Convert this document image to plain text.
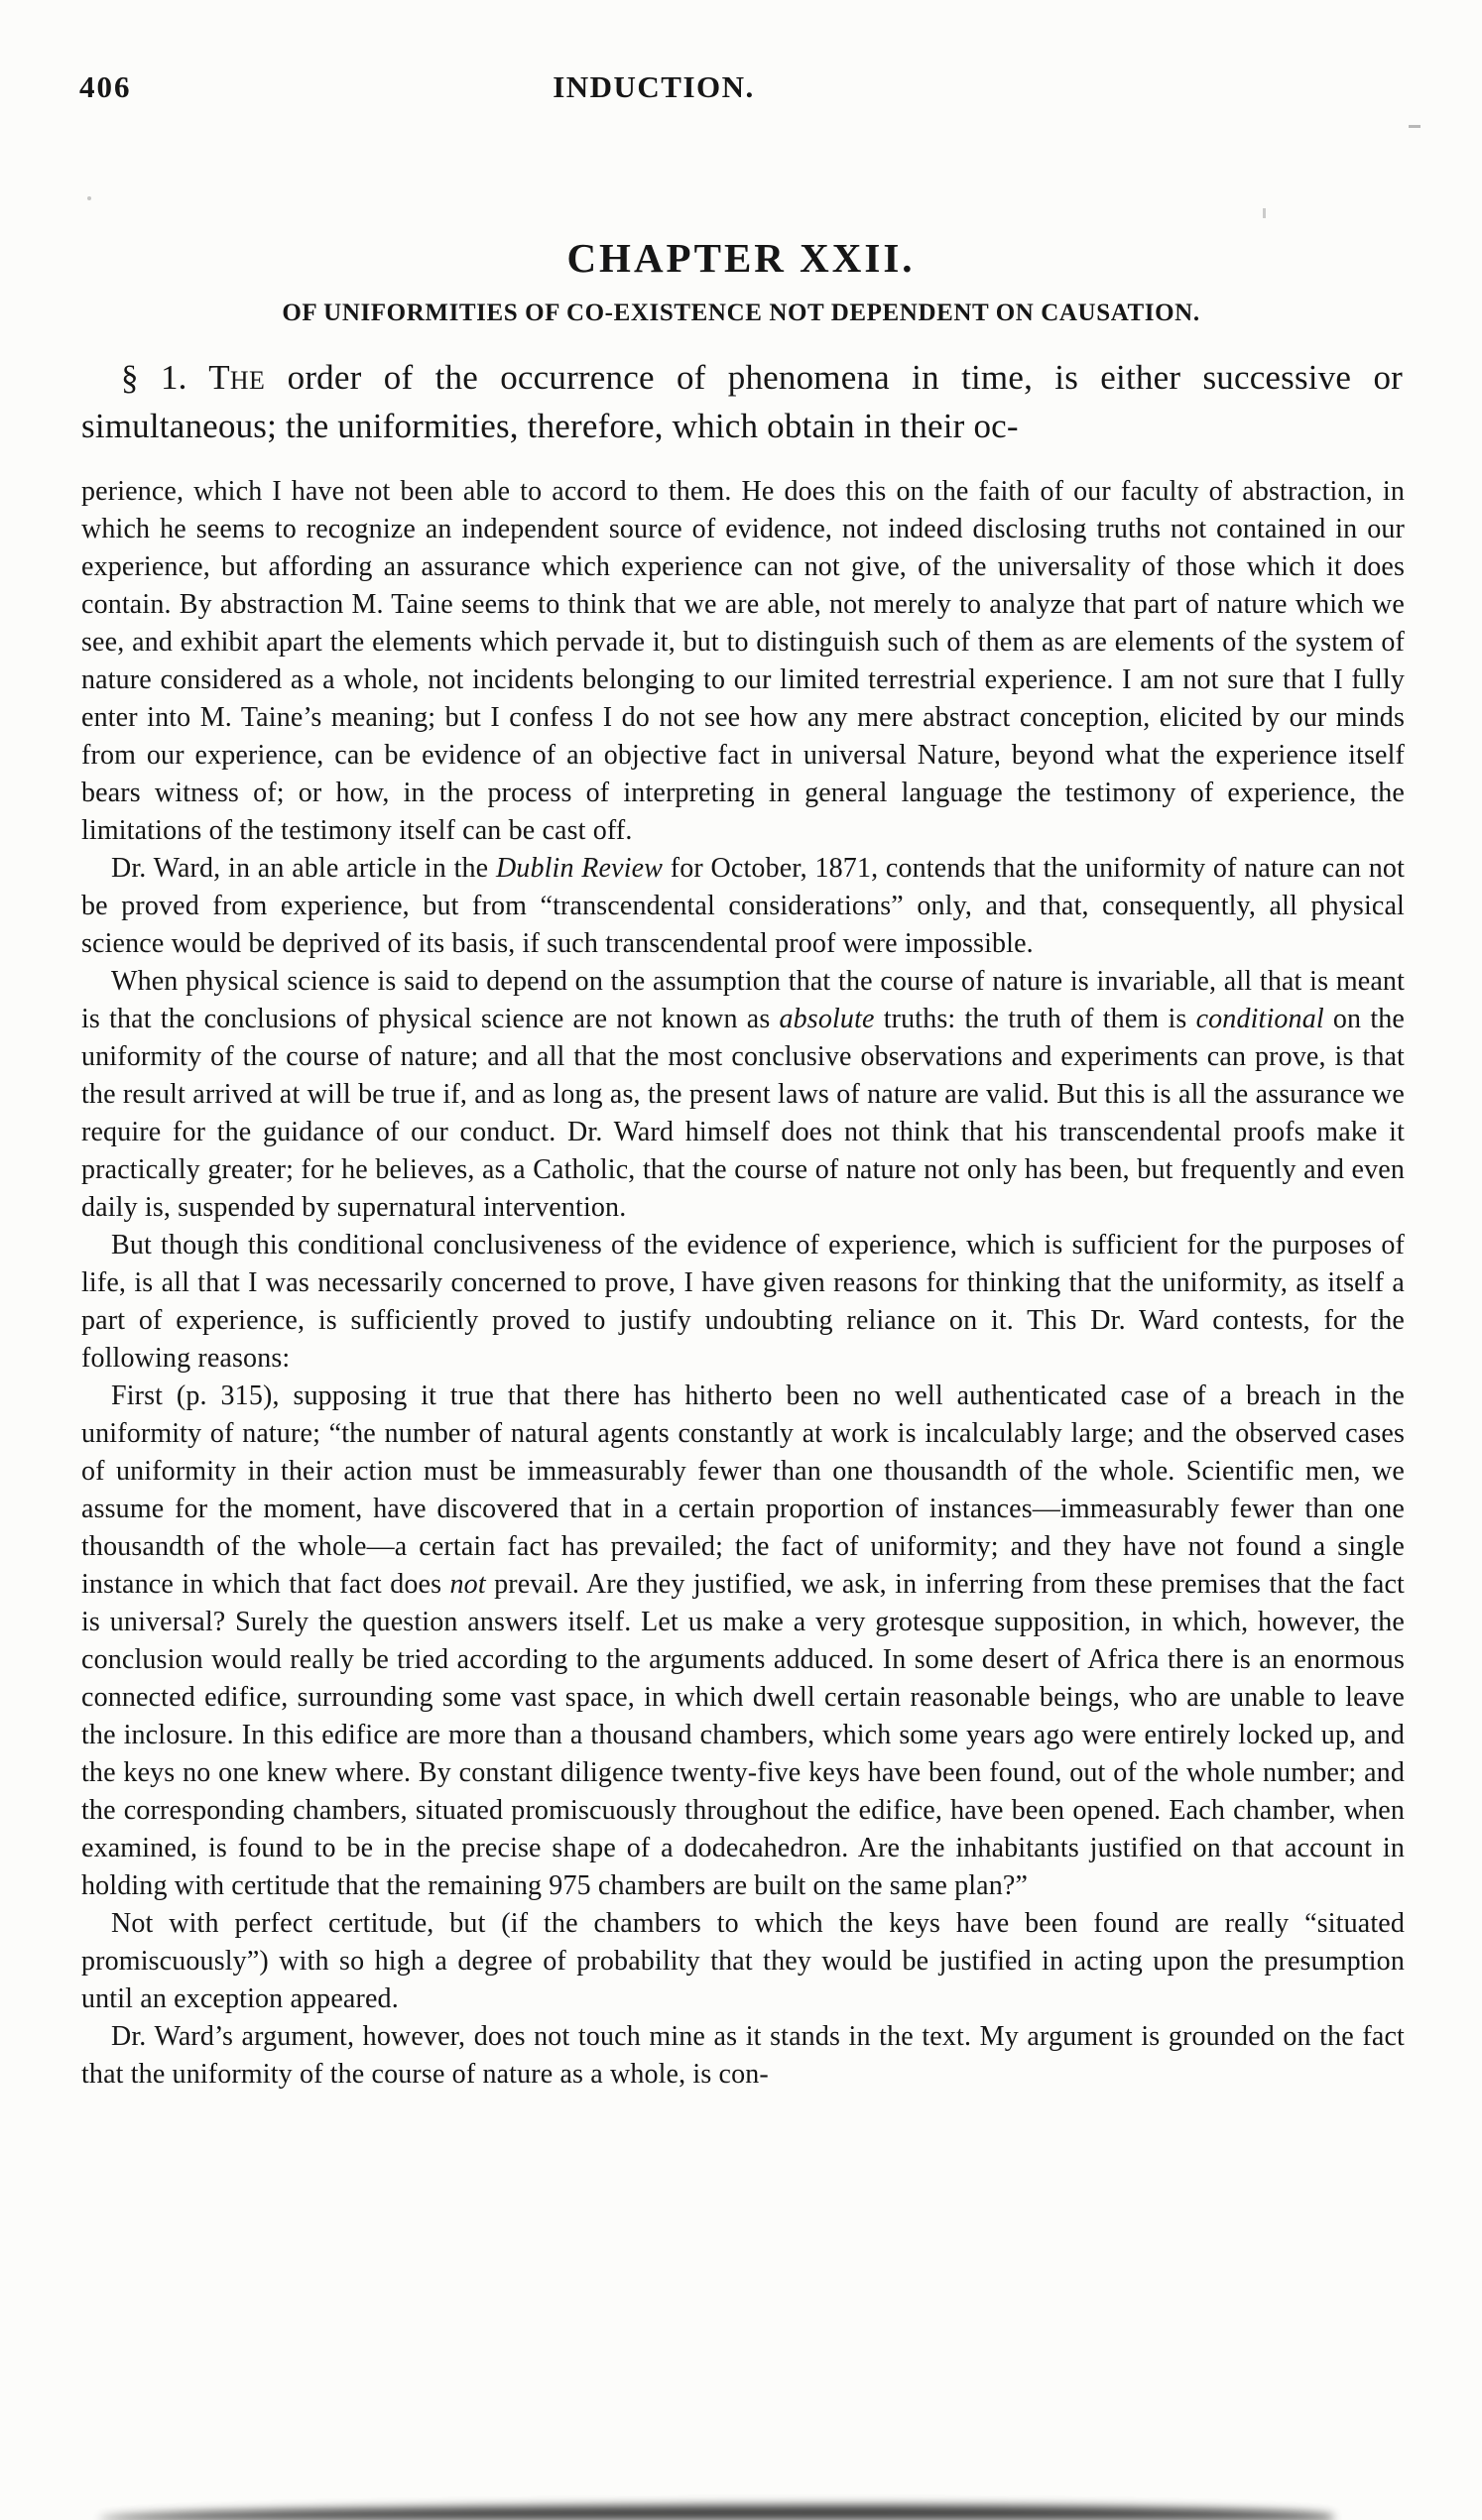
406	INDUCTION.
CHAPTER XXII.
OF UNIFORMITIES OF CO-EXISTENCE NOT DEPENDENT ON CAUSATION.

§ 1. THE order of the occurrence of phenomena in time, is either successive or simultaneous; the uniformities, therefore, which obtain in their oc-

perience, which I have not been able to accord to them. He does this on the faith of our faculty of abstraction, in which he seems to recognize an independent source of evidence, not indeed disclosing truths not contained in our experience, but affording an assurance which experience can not give, of the universality of those which it does contain. By abstraction M. Taine seems to think that we are able, not merely to analyze that part of nature which we see, and exhibit apart the elements which pervade it, but to distinguish such of them as are elements of the system of nature considered as a whole, not incidents belonging to our limited terrestrial experience. I am not sure that I fully enter into M. Taine’s meaning; but I confess I do not see how any mere abstract conception, elicited by our minds from our experience, can be evidence of an objective fact in universal Nature, beyond what the experience itself bears witness of; or how, in the process of interpreting in general language the testimony of experience, the limitations of the testimony itself can be cast off.

Dr. Ward, in an able article in the Dublin Review for October, 1871, contends that the uniformity of nature can not be proved from experience, but from “transcendental considerations” only, and that, consequently, all physical science would be deprived of its basis, if such transcendental proof were impossible.

When physical science is said to depend on the assumption that the course of nature is invariable, all that is meant is that the conclusions of physical science are not known as absolute truths: the truth of them is conditional on the uniformity of the course of nature; and all that the most conclusive observations and experiments can prove, is that the result arrived at will be true if, and as long as, the present laws of nature are valid. But this is all the assurance we require for the guidance of our conduct. Dr. Ward himself does not think that his transcendental proofs make it practically greater; for he believes, as a Catholic, that the course of nature not only has been, but frequently and even daily is, suspended by supernatural intervention.

But though this conditional conclusiveness of the evidence of experience, which is sufficient for the purposes of life, is all that I was necessarily concerned to prove, I have given reasons for thinking that the uniformity, as itself a part of experience, is sufficiently proved to justify undoubting reliance on it. This Dr. Ward contests, for the following reasons:

First (p. 315), supposing it true that there has hitherto been no well authenticated case of a breach in the uniformity of nature; “the number of natural agents constantly at work is incalculably large; and the observed cases of uniformity in their action must be immeasurably fewer than one thousandth of the whole. Scientific men, we assume for the moment, have discovered that in a certain proportion of instances—immeasurably fewer than one thousandth of the whole—a certain fact has prevailed; the fact of uniformity; and they have not found a single instance in which that fact does not prevail. Are they justified, we ask, in inferring from these premises that the fact is universal? Surely the question answers itself. Let us make a very grotesque supposition, in which, however, the conclusion would really be tried according to the arguments adduced. In some desert of Africa there is an enormous connected edifice, surrounding some vast space, in which dwell certain reasonable beings, who are unable to leave the inclosure. In this edifice are more than a thousand chambers, which some years ago were entirely locked up, and the keys no one knew where. By constant diligence twenty-five keys have been found, out of the whole number; and the corresponding chambers, situated promiscuously throughout the edifice, have been opened. Each chamber, when examined, is found to be in the precise shape of a dodecahedron. Are the inhabitants justified on that account in holding with certitude that the remaining 975 chambers are built on the same plan?”

Not with perfect certitude, but (if the chambers to which the keys have been found are really “situated promiscuously”) with so high a degree of probability that they would be justified in acting upon the presumption until an exception appeared.

Dr. Ward’s argument, however, does not touch mine as it stands in the text. My argument is grounded on the fact that the uniformity of the course of nature as a whole, is con-
